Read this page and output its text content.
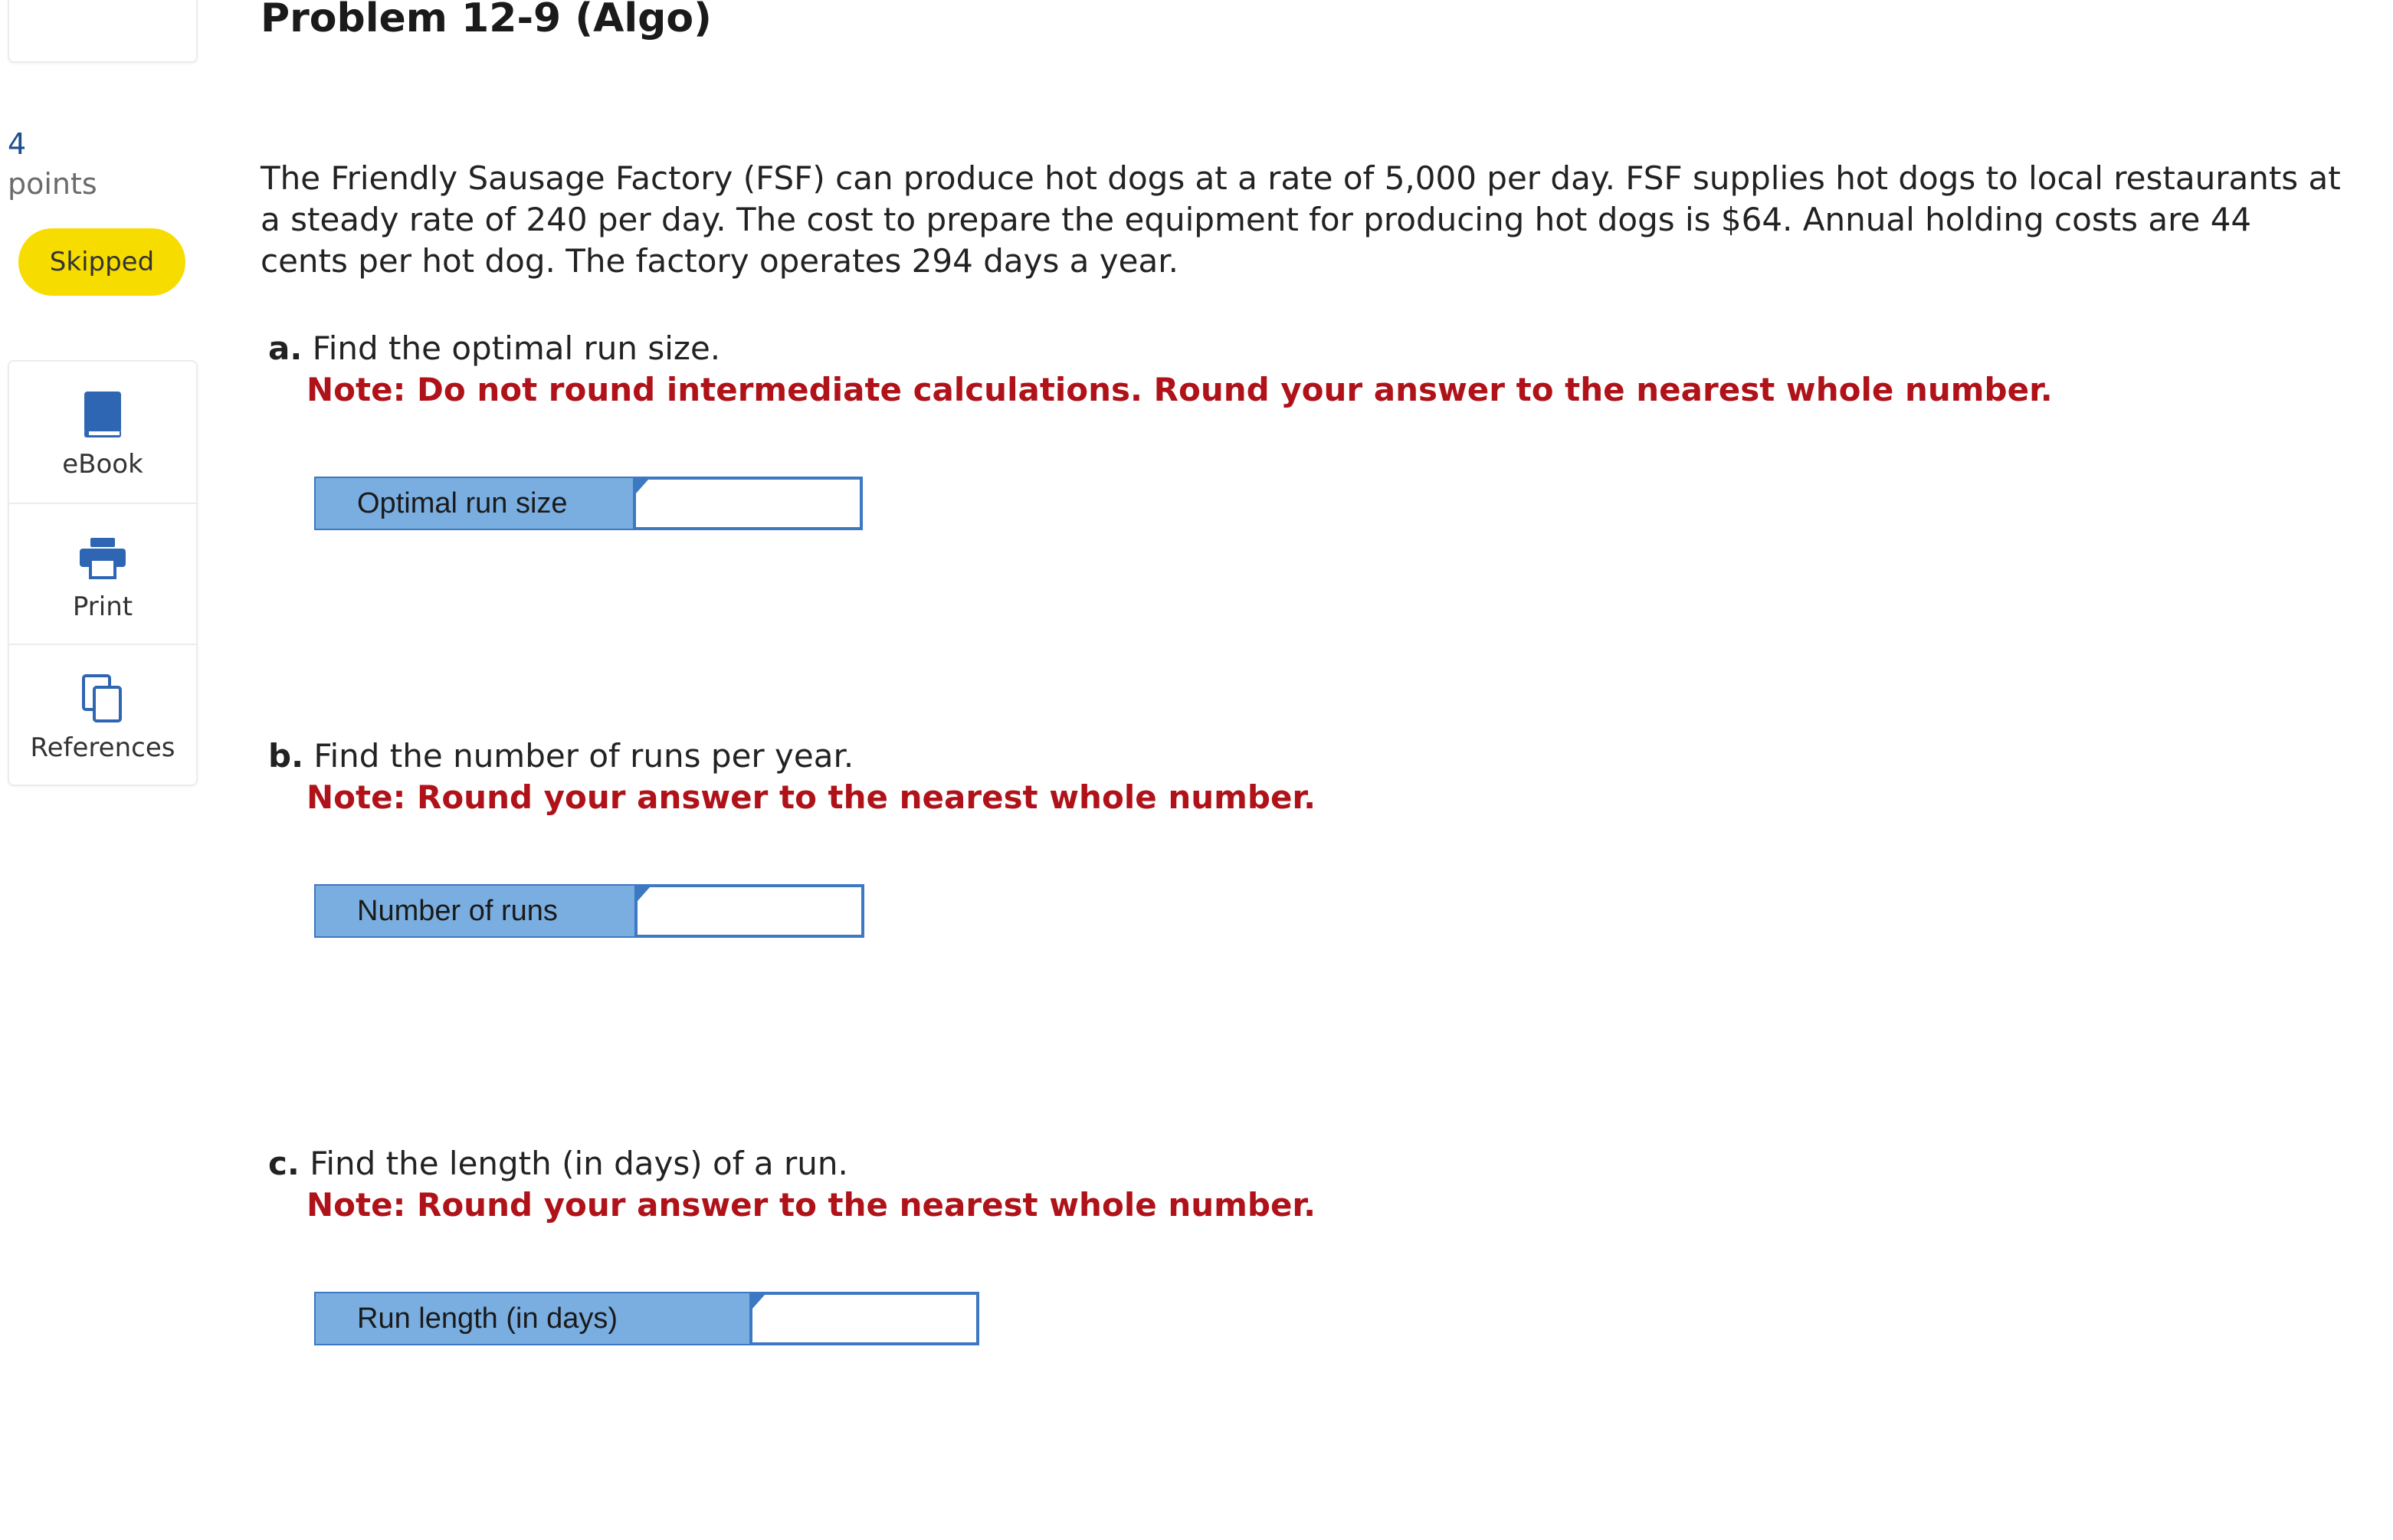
4
points
Skipped
eBook
Print
References
Problem 12-9 (Algo)
The Friendly Sausage Factory (FSF) can produce hot dogs at a rate of 5,000 per day. FSF supplies hot dogs to local restaurants at a steady rate of 240 per day. The cost to prepare the equipment for producing hot dogs is $64. Annual holding costs are 44 cents per hot dog. The factory operates 294 days a year.
a. Find the optimal run size.
Note: Do not round intermediate calculations. Round your answer to the nearest whole number.
Optimal run size
b. Find the number of runs per year.
Note: Round your answer to the nearest whole number.
Number of runs
c. Find the length (in days) of a run.
Note: Round your answer to the nearest whole number.
Run length (in days)
